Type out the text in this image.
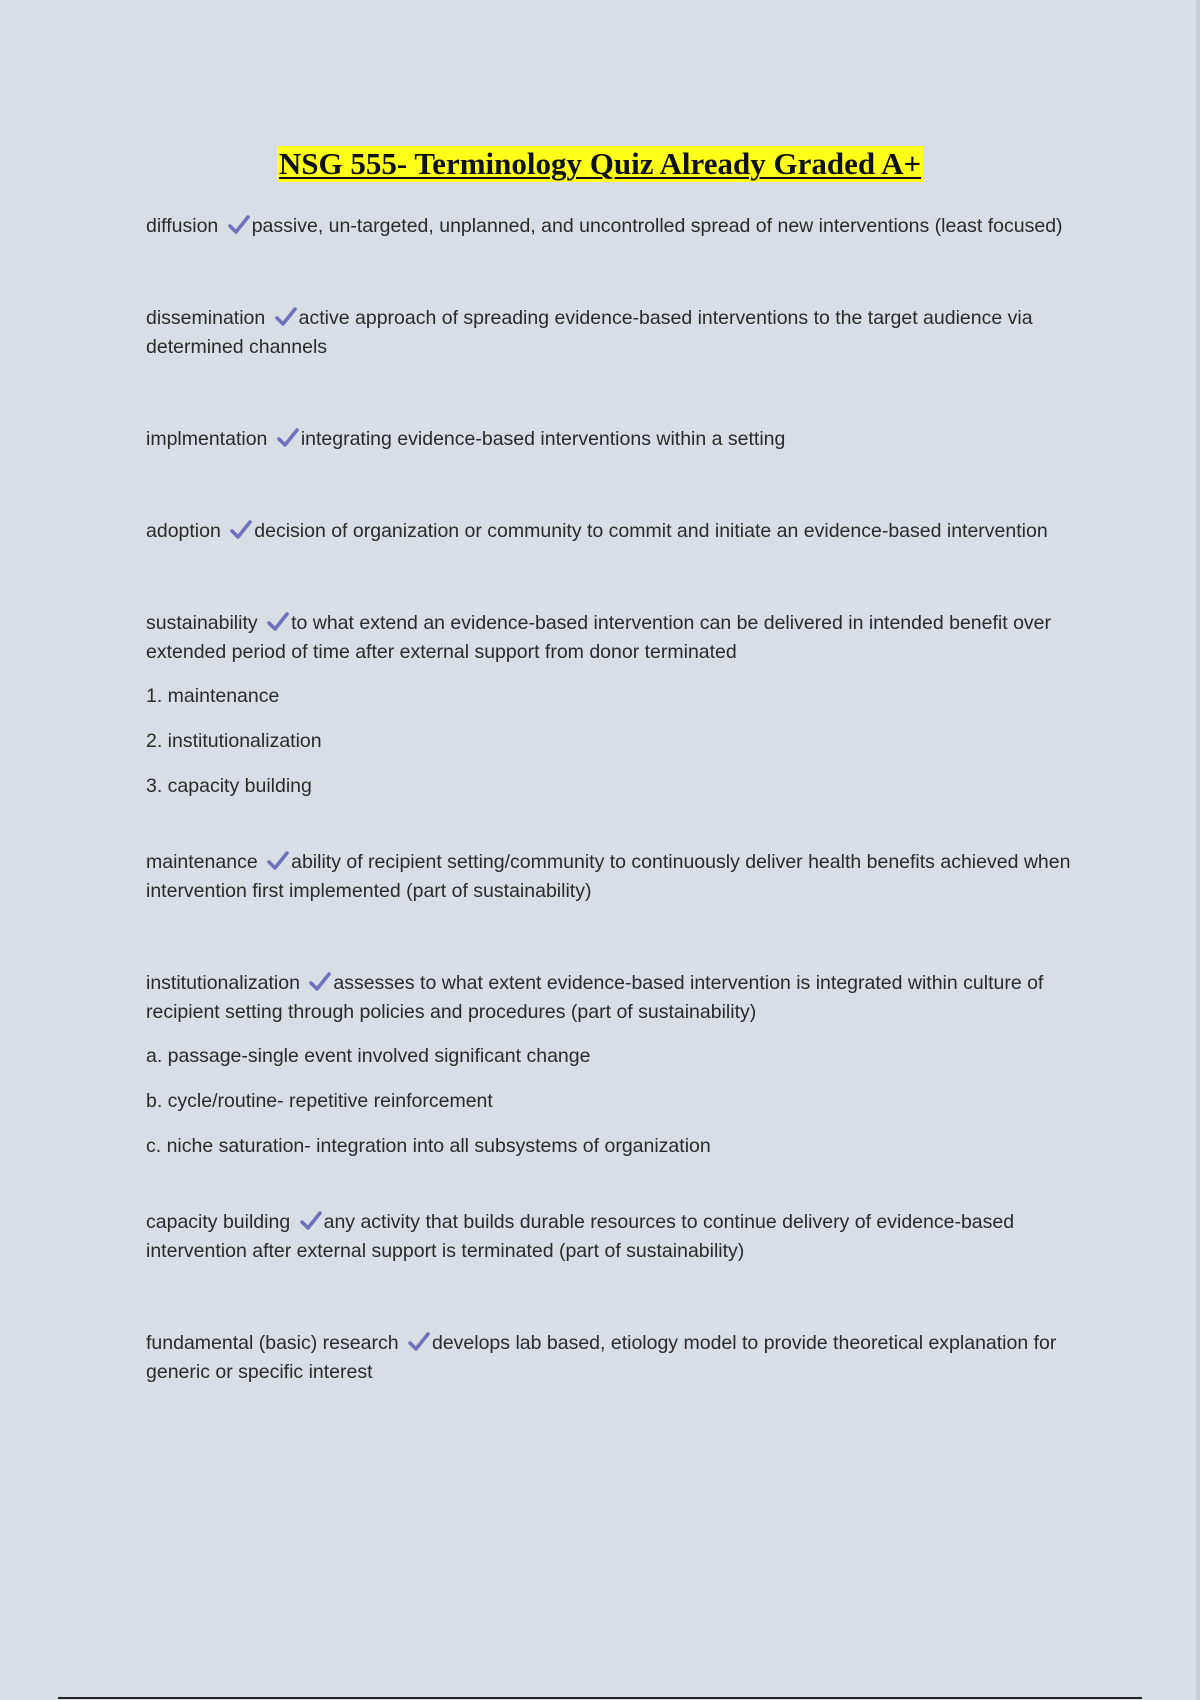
NSG 555- Terminology Quiz Already Graded A+

diffusion passive, un-targeted, unplanned, and uncontrolled spread of new interventions (least focused)

dissemination active approach of spreading evidence-based interventions to the target audience via determined channels

implmentation integrating evidence-based interventions within a setting

adoption decision of organization or community to commit and initiate an evidence-based intervention

sustainability to what extend an evidence-based intervention can be delivered in intended benefit over extended period of time after external support from donor terminated

1. maintenance
2. institutionalization
3. capacity building

maintenance ability of recipient setting/community to continuously deliver health benefits achieved when intervention first implemented (part of sustainability)

institutionalization assesses to what extent evidence-based intervention is integrated within culture of recipient setting through policies and procedures (part of sustainability)

a. passage-single event involved significant change
b. cycle/routine- repetitive reinforcement
c. niche saturation- integration into all subsystems of organization

capacity building any activity that builds durable resources to continue delivery of evidence-based intervention after external support is terminated (part of sustainability)

fundamental (basic) research develops lab based, etiology model to provide theoretical explanation for generic or specific interest
